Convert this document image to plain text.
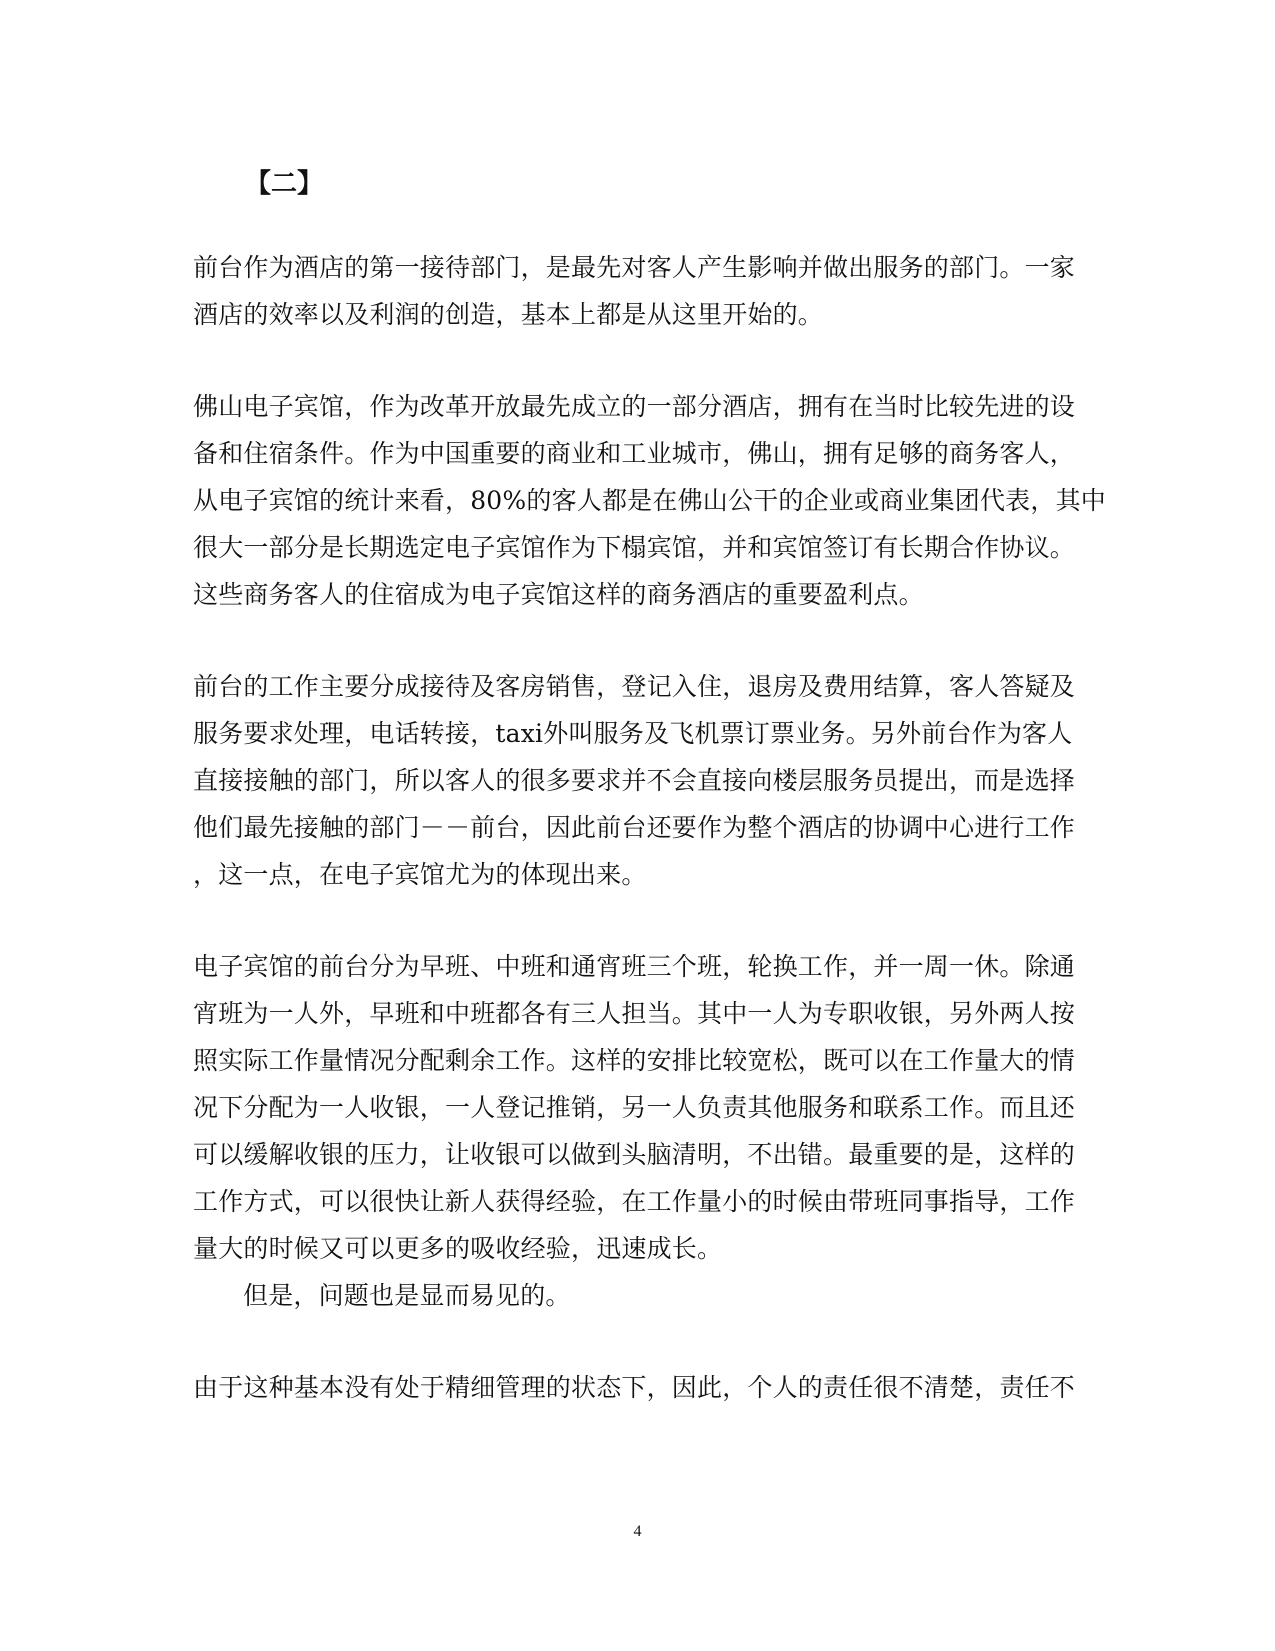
【二】
前台作为酒店的第一接待部门，是最先对客人产生影响并做出服务的部门。一家
酒店的效率以及利润的创造，基本上都是从这里开始的。
佛山电子宾馆，作为改革开放最先成立的一部分酒店，拥有在当时比较先进的设
备和住宿条件。作为中国重要的商业和工业城市，佛山，拥有足够的商务客人，
从电子宾馆的统计来看，80%的客人都是在佛山公干的企业或商业集团代表，其中
很大一部分是长期选定电子宾馆作为下榻宾馆，并和宾馆签订有长期合作协议。
这些商务客人的住宿成为电子宾馆这样的商务酒店的重要盈利点。
前台的工作主要分成接待及客房销售，登记入住，退房及费用结算，客人答疑及
服务要求处理，电话转接，taxi外叫服务及飞机票订票业务。另外前台作为客人
直接接触的部门，所以客人的很多要求并不会直接向楼层服务员提出，而是选择
他们最先接触的部门－－前台，因此前台还要作为整个酒店的协调中心进行工作
，这一点，在电子宾馆尤为的体现出来。
电子宾馆的前台分为早班、中班和通宵班三个班，轮换工作，并一周一休。除通
宵班为一人外，早班和中班都各有三人担当。其中一人为专职收银，另外两人按
照实际工作量情况分配剩余工作。这样的安排比较宽松，既可以在工作量大的情
况下分配为一人收银，一人登记推销，另一人负责其他服务和联系工作。而且还
可以缓解收银的压力，让收银可以做到头脑清明，不出错。最重要的是，这样的
工作方式，可以很快让新人获得经验，在工作量小的时候由带班同事指导，工作
量大的时候又可以更多的吸收经验，迅速成长。
但是，问题也是显而易见的。
由于这种基本没有处于精细管理的状态下，因此，个人的责任很不清楚，责任不
4
